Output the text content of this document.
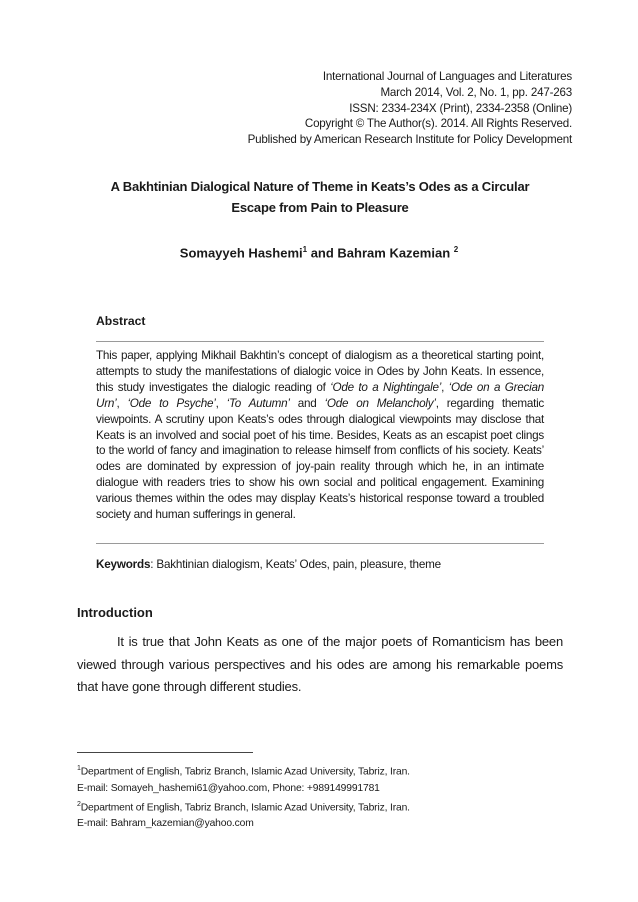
International Journal of Languages and Literatures
March 2014, Vol. 2, No. 1, pp. 247-263
ISSN: 2334-234X (Print), 2334-2358 (Online)
Copyright © The Author(s). 2014. All Rights Reserved.
Published by American Research Institute for Policy Development
A Bakhtinian Dialogical Nature of Theme in Keats’s Odes as a Circular
Escape from Pain to Pleasure
Somayyeh Hashemi$^1$ and Bahram Kazemian $^2$
Abstract
This paper, applying Mikhail Bakhtin’s concept of dialogism as a theoretical starting point, attempts to study the manifestations of dialogic voice in Odes by John Keats. In essence, this study investigates the dialogic reading of ‘Ode to a Nightingale’, ‘Ode on a Grecian Urn’, ‘Ode to Psyche’, ‘To Autumn’ and ‘Ode on Melancholy’, regarding thematic viewpoints. A scrutiny upon Keats’s odes through dialogical viewpoints may disclose that Keats is an involved and social poet of his time. Besides, Keats as an escapist poet clings to the world of fancy and imagination to release himself from conflicts of his society. Keats’ odes are dominated by expression of joy-pain reality through which he, in an intimate dialogue with readers tries to show his own social and political engagement. Examining various themes within the odes may display Keats’s historical response toward a troubled society and human sufferings in general.
Keywords: Bakhtinian dialogism, Keats’ Odes, pain, pleasure, theme
Introduction
It is true that John Keats as one of the major poets of Romanticism has been viewed through various perspectives and his odes are among his remarkable poems that have gone through different studies.
$^1$Department of English, Tabriz Branch, Islamic Azad University, Tabriz, Iran.
E-mail: Somayeh_hashemi61@yahoo.com, Phone: +989149991781
$^2$Department of English, Tabriz Branch, Islamic Azad University, Tabriz, Iran.
E-mail: Bahram_kazemian@yahoo.com
